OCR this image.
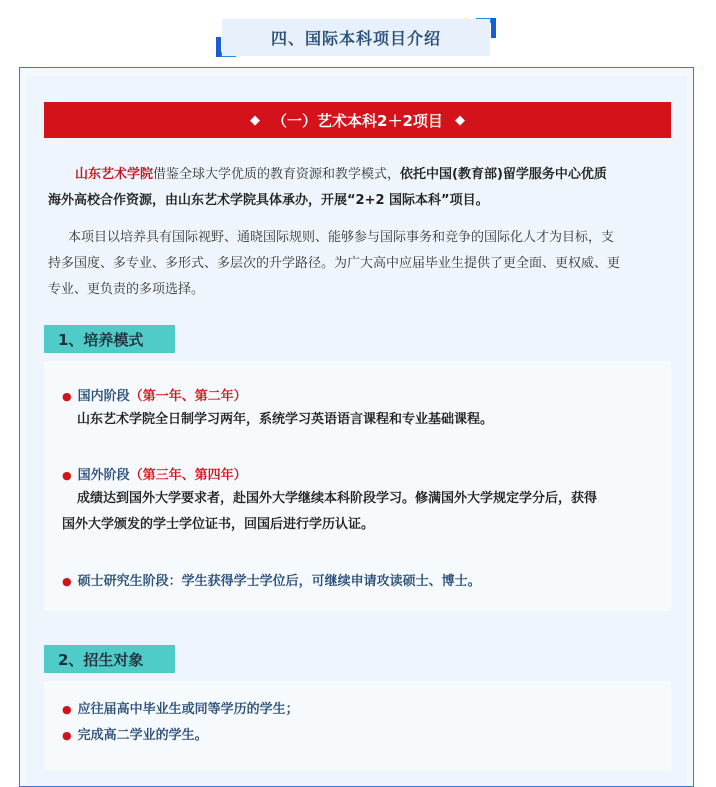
四、国际本科项目介绍
◆ （一）艺术本科2＋2项目 ◆
山东艺术学院借鉴全球大学优质的教育资源和教学模式，依托中国(教育部)留学服务中心优质
海外高校合作资源，由山东艺术学院具体承办，开展“2+2 国际本科”项目。
本项目以培养具有国际视野、通晓国际规则、能够参与国际事务和竞争的国际化人才为目标，支
持多国度、多专业、多形式、多层次的升学路径。为广大高中应届毕业生提供了更全面、更权威、更
专业、更负责的多项选择。
1、培养模式
● 国内阶段（第一年、第二年）
山东艺术学院全日制学习两年，系统学习英语语言课程和专业基础课程。
● 国外阶段（第三年、第四年）
成绩达到国外大学要求者，赴国外大学继续本科阶段学习。修满国外大学规定学分后，获得
国外大学颁发的学士学位证书，回国后进行学历认证。
● 硕士研究生阶段：学生获得学士学位后，可继续申请攻读硕士、博士。
2、招生对象
● 应往届高中毕业生或同等学历的学生；
● 完成高二学业的学生。
